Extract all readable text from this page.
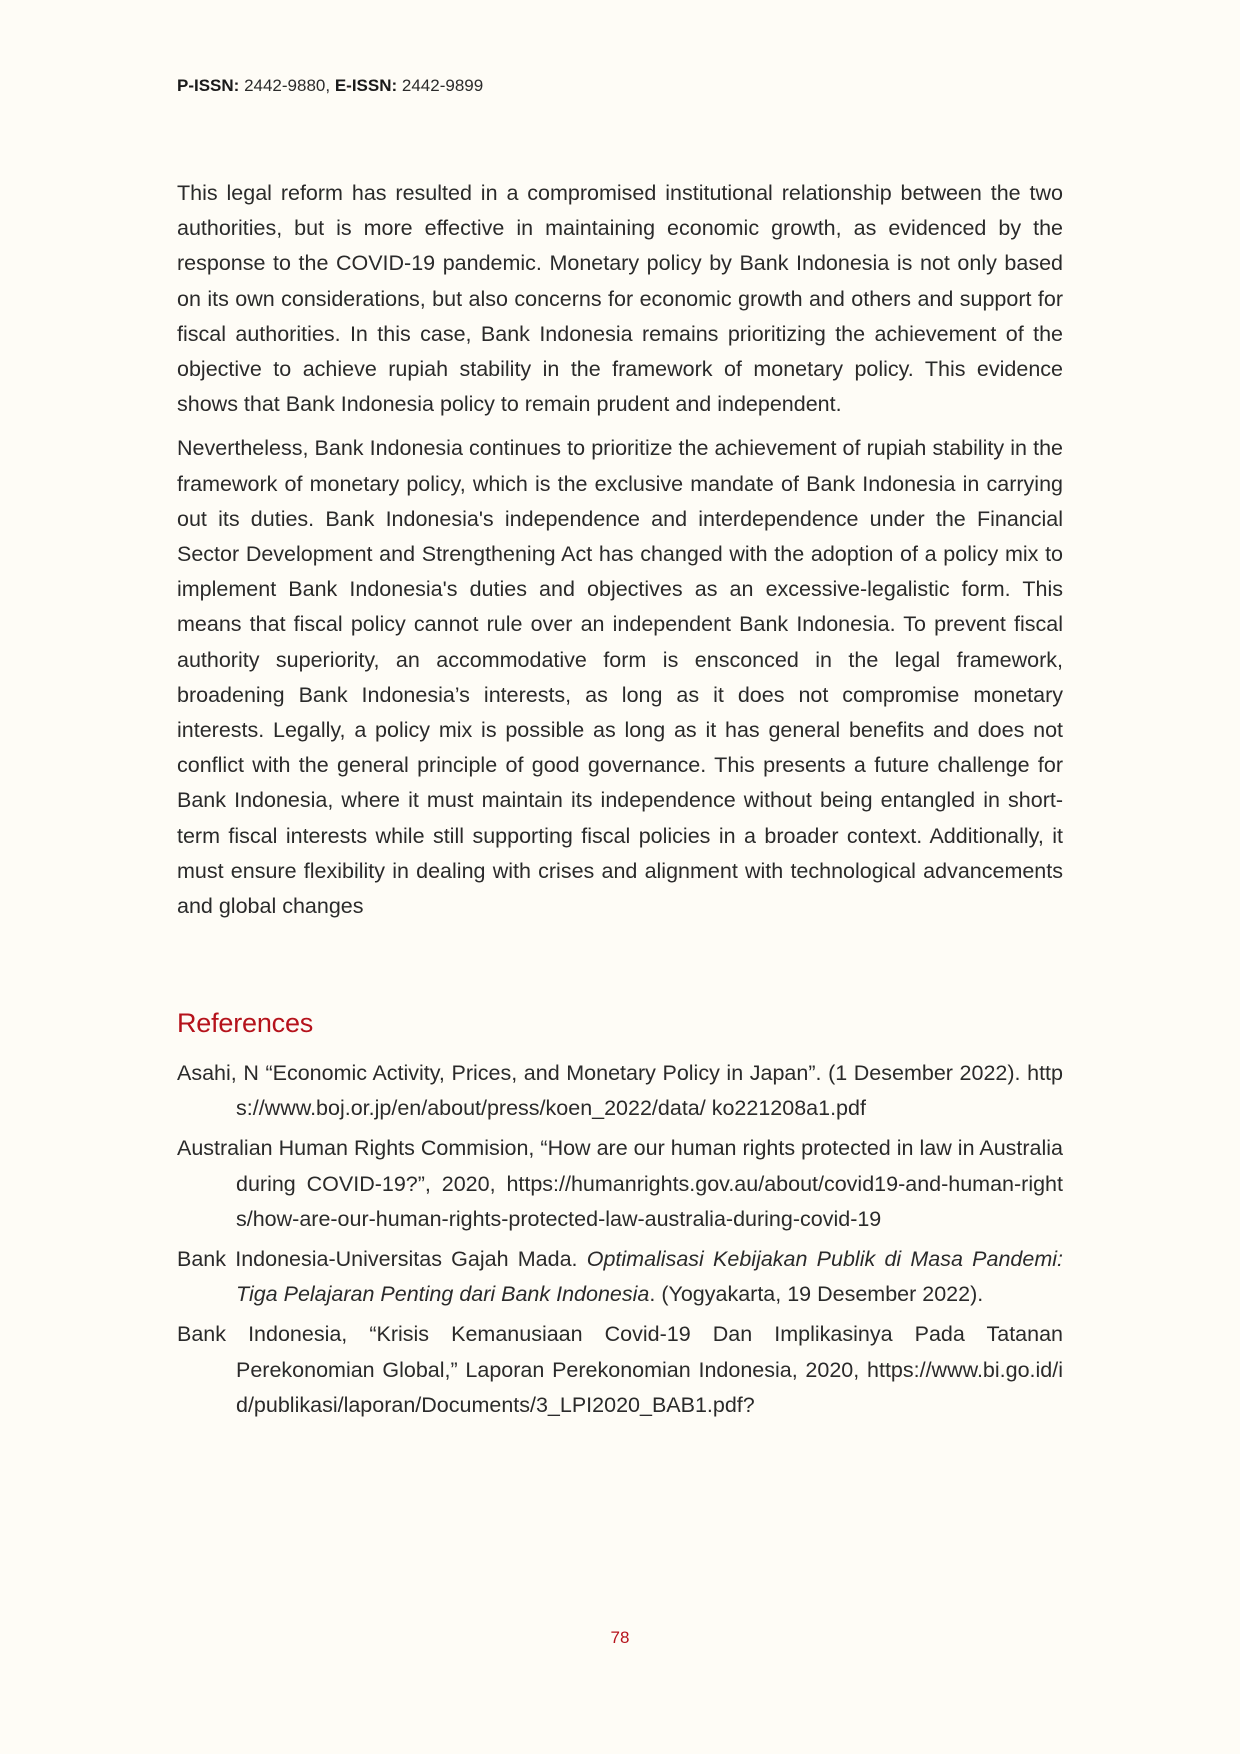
P-ISSN: 2442-9880, E-ISSN: 2442-9899

This legal reform has resulted in a compromised institutional relationship between the two authorities, but is more effective in maintaining economic growth, as evidenced by the response to the COVID-19 pandemic. Monetary policy by Bank Indonesia is not only based on its own considerations, but also concerns for economic growth and others and support for fiscal authorities. In this case, Bank Indonesia remains prioritizing the achievement of the objective to achieve rupiah stability in the framework of monetary policy. This evidence shows that Bank Indonesia policy to remain prudent and independent.

Nevertheless, Bank Indonesia continues to prioritize the achievement of rupiah stability in the framework of monetary policy, which is the exclusive mandate of Bank Indonesia in carrying out its duties. Bank Indonesia's independence and interdependence under the Financial Sector Development and Strengthening Act has changed with the adoption of a policy mix to implement Bank Indonesia's duties and objectives as an excessive-legalistic form. This means that fiscal policy cannot rule over an independent Bank Indonesia. To prevent fiscal authority superiority, an accommodative form is ensconced in the legal framework, broadening Bank Indonesia’s interests, as long as it does not compromise monetary interests. Legally, a policy mix is possible as long as it has general benefits and does not conflict with the general principle of good governance. This presents a future challenge for Bank Indonesia, where it must maintain its independence without being entangled in short-term fiscal interests while still supporting fiscal policies in a broader context. Additionally, it must ensure flexibility in dealing with crises and alignment with technological advancements and global changes

References

Asahi, N “Economic Activity, Prices, and Monetary Policy in Japan”. (1 Desember 2022). https://www.boj.or.jp/en/about/press/koen_2022/data/ ko221208a1.pdf

Australian Human Rights Commision, “How are our human rights protected in law in Australia during COVID-19?”, 2020, https://humanrights.gov.au/about/covid19-and-human-rights/how-are-our-human-rights-protected-law-australia-during-covid-19

Bank Indonesia-Universitas Gajah Mada. Optimalisasi Kebijakan Publik di Masa Pandemi: Tiga Pelajaran Penting dari Bank Indonesia. (Yogyakarta, 19 Desember 2022).

Bank Indonesia, “Krisis Kemanusiaan Covid-19 Dan Implikasinya Pada Tatanan Perekonomian Global,” Laporan Perekonomian Indonesia, 2020, https://www.bi.go.id/id/publikasi/laporan/Documents/3_LPI2020_BAB1.pdf?

78
